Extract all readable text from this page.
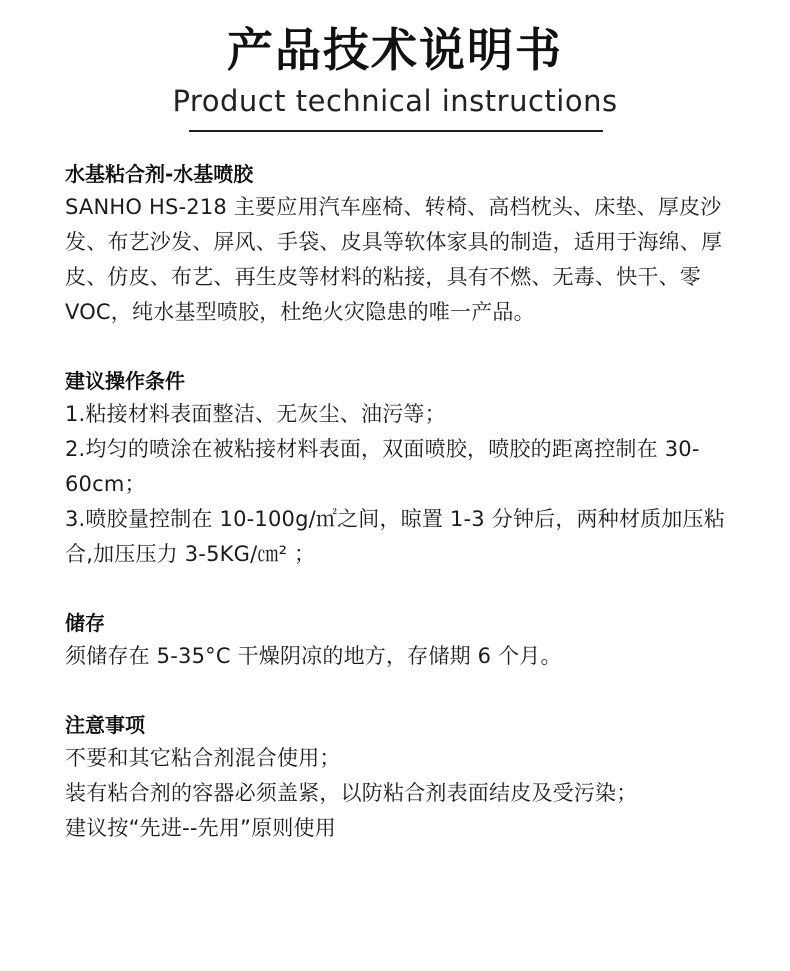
产品技术说明书
Product technical instructions
水基粘合剂-水基喷胶

SANHO HS-218 主要应用汽车座椅、转椅、高档枕头、床垫、厚皮沙发、布艺沙发、屏风、手袋、皮具等软体家具的制造，适用于海绵、厚皮、仿皮、布艺、再生皮等材料的粘接，具有不燃、无毒、快干、零 VOC，纯水基型喷胶，杜绝火灾隐患的唯一产品。

建议操作条件

1.粘接材料表面整洁、无灰尘、油污等；

2.均匀的喷涂在被粘接材料表面，双面喷胶，喷胶的距离控制在 30-60cm；

3.喷胶量控制在 10-100g/㎡之间，晾置 1-3 分钟后，两种材质加压粘合,加压压力 3-5KG/㎝² ；

储存

须储存在 5-35°C 干燥阴凉的地方，存储期 6 个月。

注意事项

不要和其它粘合剂混合使用；

装有粘合剂的容器必须盖紧，以防粘合剂表面结皮及受污染；

建议按“先进--先用”原则使用
